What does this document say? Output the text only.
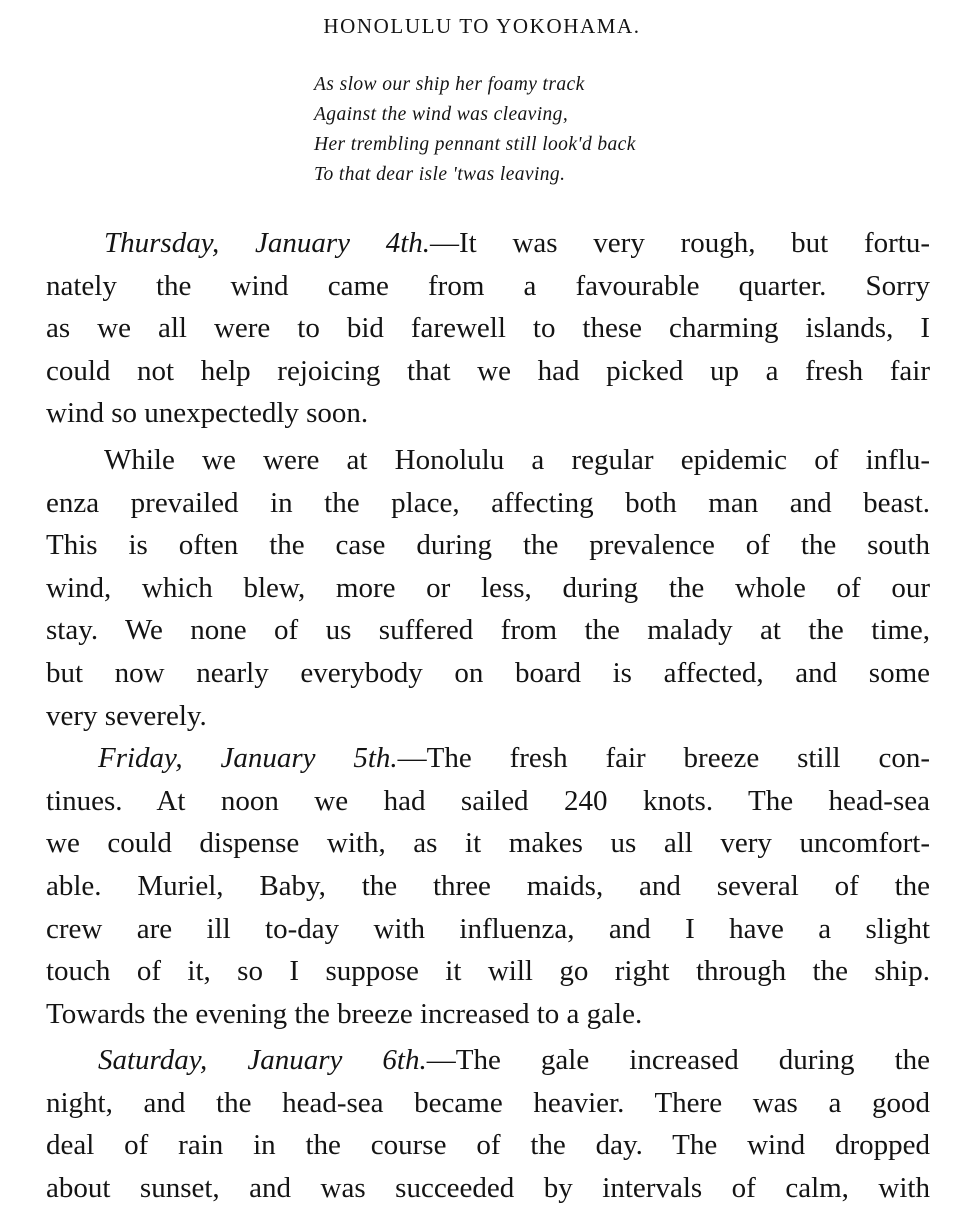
HONOLULU TO YOKOHAMA.
As slow our ship her foamy track
Against the wind was cleaving,
Her trembling pennant still look'd back
To that dear isle 'twas leaving.
Thursday, January 4th.—It was very rough, but fortu-
nately the wind came from a favourable quarter. Sorry
as we all were to bid farewell to these charming islands, I
could not help rejoicing that we had picked up a fresh fair
wind so unexpectedly soon.
While we were at Honolulu a regular epidemic of influ-
enza prevailed in the place, affecting both man and beast.
This is often the case during the prevalence of the south
wind, which blew, more or less, during the whole of our
stay. We none of us suffered from the malady at the time,
but now nearly everybody on board is affected, and some
very severely.
Friday, January 5th.—The fresh fair breeze still con-
tinues. At noon we had sailed 240 knots. The head-sea
we could dispense with, as it makes us all very uncomfort-
able. Muriel, Baby, the three maids, and several of the
crew are ill to-day with influenza, and I have a slight
touch of it, so I suppose it will go right through the ship.
Towards the evening the breeze increased to a gale.
Saturday, January 6th.—The gale increased during the
night, and the head-sea became heavier. There was a good
deal of rain in the course of the day. The wind dropped
about sunset, and was succeeded by intervals of calm, with
